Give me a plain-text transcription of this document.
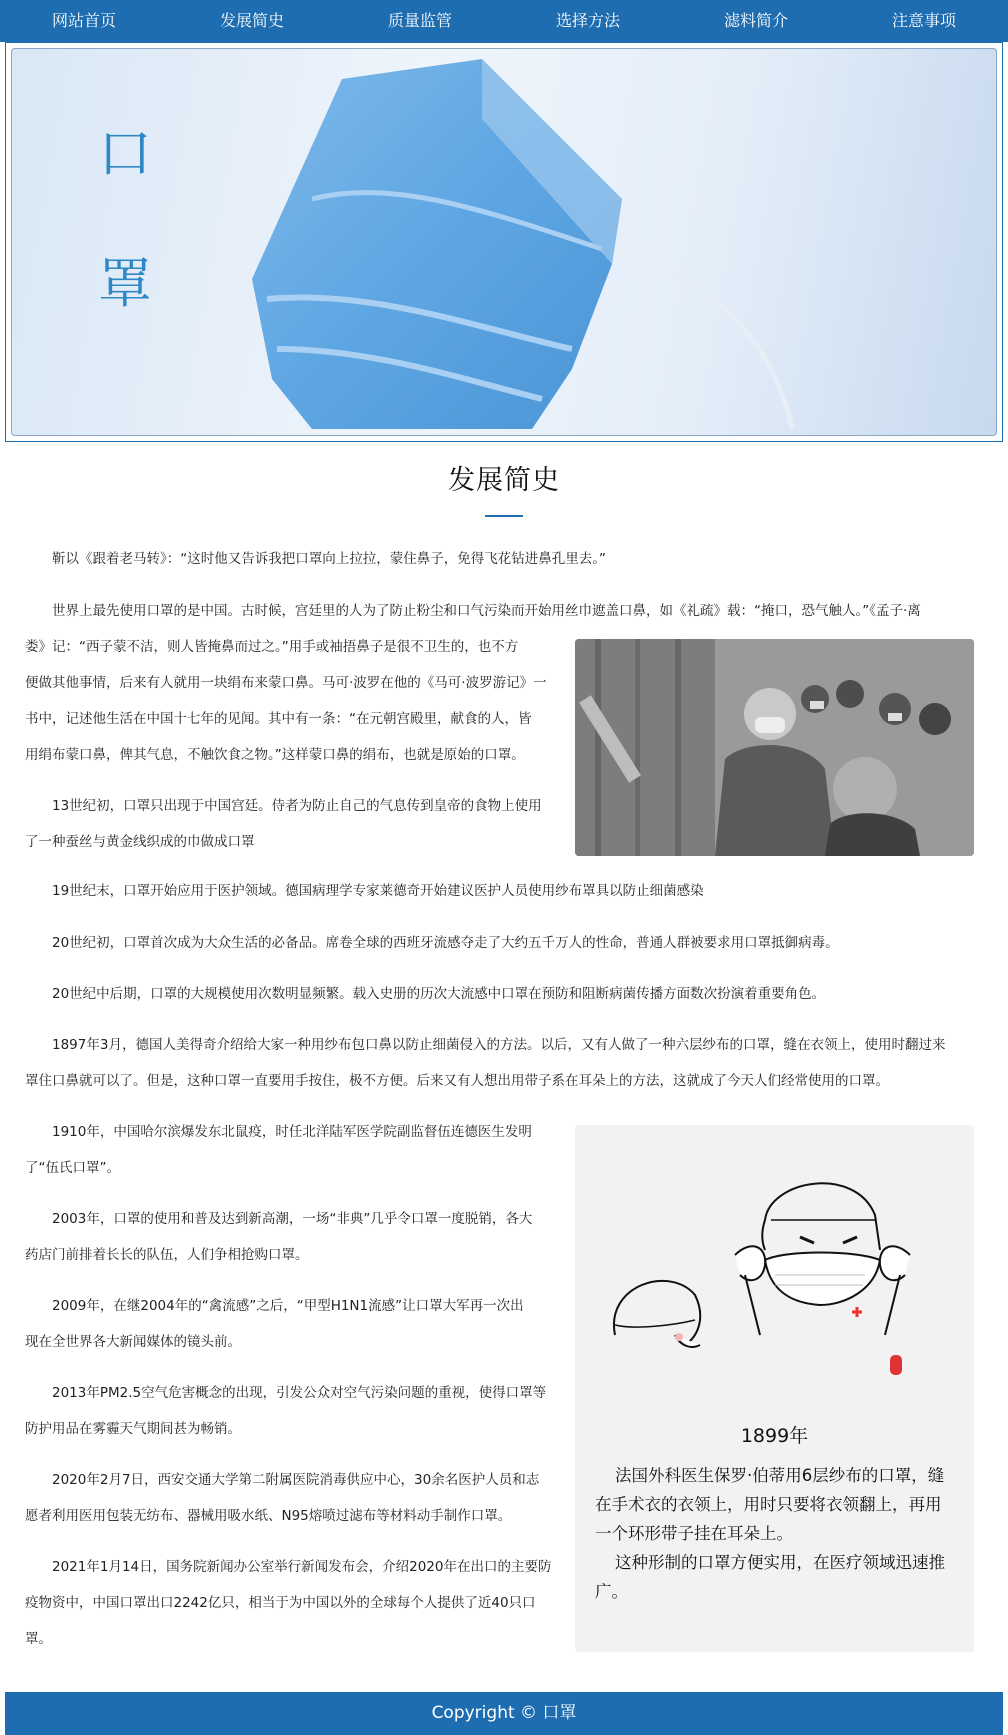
网站首页	发展简史	质量监管	选择方法	滤料简介	注意事项
口
罩
发展简史
靳以《跟着老马转》：“这时他又告诉我把口罩向上拉拉，蒙住鼻子，免得飞花钻进鼻孔里去。”
世界上最先使用口罩的是中国。古时候，宫廷里的人为了防止粉尘和口气污染而开始用丝巾遮盖口鼻，如《礼疏》载：“掩口，恐气触人。”《孟子·离
娄》记：“西子蒙不洁，则人皆掩鼻而过之。”用手或袖捂鼻子是很不卫生的，也不方
便做其他事情，后来有人就用一块绢布来蒙口鼻。马可·波罗在他的《马可·波罗游记》一
书中，记述他生活在中国十七年的见闻。其中有一条：“在元朝宫殿里，献食的人，皆
用绢布蒙口鼻，俾其气息，不触饮食之物。”这样蒙口鼻的绢布，也就是原始的口罩。
13世纪初，口罩只出现于中国宫廷。侍者为防止自己的气息传到皇帝的食物上使用
了一种蚕丝与黄金线织成的巾做成口罩
19世纪末，口罩开始应用于医护领域。德国病理学专家莱德奇开始建议医护人员使用纱布罩具以防止细菌感染
20世纪初，口罩首次成为大众生活的必备品。席卷全球的西班牙流感夺走了大约五千万人的性命，普通人群被要求用口罩抵御病毒。
20世纪中后期，口罩的大规模使用次数明显频繁。载入史册的历次大流感中口罩在预防和阻断病菌传播方面数次扮演着重要角色。
1897年3月，德国人美得奇介绍给大家一种用纱布包口鼻以防止细菌侵入的方法。以后，又有人做了一种六层纱布的口罩，缝在衣领上，使用时翻过来
罩住口鼻就可以了。但是，这种口罩一直要用手按住，极不方便。后来又有人想出用带子系在耳朵上的方法，这就成了今天人们经常使用的口罩。
1910年，中国哈尔滨爆发东北鼠疫，时任北洋陆军医学院副监督伍连德医生发明
了“伍氏口罩”。
2003年，口罩的使用和普及达到新高潮，一场“非典”几乎令口罩一度脱销，各大
药店门前排着长长的队伍，人们争相抢购口罩。
2009年，在继2004年的“禽流感”之后，“甲型H1N1流感”让口罩大军再一次出
现在全世界各大新闻媒体的镜头前。
2013年PM2.5空气危害概念的出现，引发公众对空气污染问题的重视，使得口罩等
防护用品在雾霾天气期间甚为畅销。
2020年2月7日，西安交通大学第二附属医院消毒供应中心，30余名医护人员和志
愿者利用医用包装无纺布、器械用吸水纸、N95熔喷过滤布等材料动手制作口罩。
2021年1月14日，国务院新闻办公室举行新闻发布会，介绍2020年在出口的主要防
疫物资中，中国口罩出口2242亿只，相当于为中国以外的全球每个人提供了近40只口
罩。
1899年
法国外科医生保罗·伯蒂用6层纱布的口罩，缝在手术衣的衣领上，用时只要将衣领翻上，再用一个环形带子挂在耳朵上。
这种形制的口罩方便实用，在医疗领域迅速推广。
Copyright © 口罩
